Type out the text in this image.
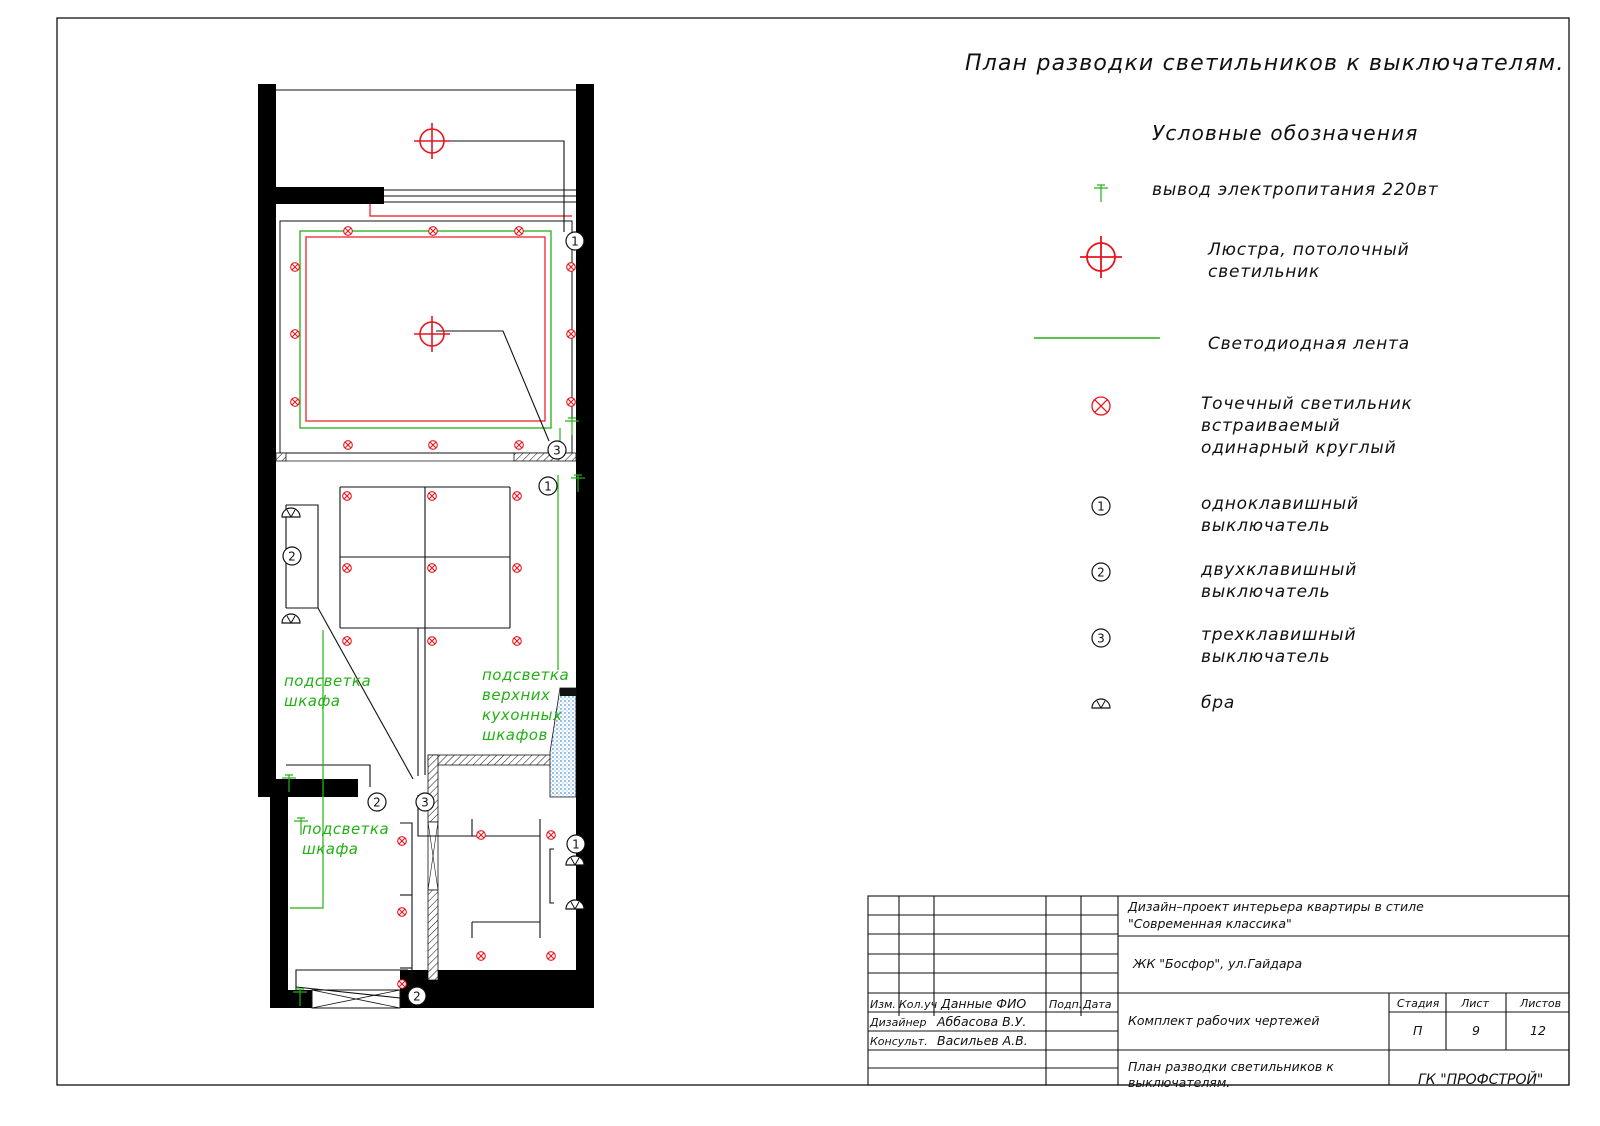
План разводки светильников к выключателям.
1
3
1
2
2	3
1
2
подсветка
шкафа
подсветка
верхних
кухонных
шкафов
подсветка
шкафа
Условные обозначения
вывод электропитания 220вт
Люстра, потолочный
светильник
Светодиодная лента
Точечный светильник
встраиваемый
одинарный круглый
1	одноклавишный
выключатель
2	двухклавишный
выключатель
3	трехклавишный
выключатель
бра
Дизайн–проект интерьера квартиры в стиле
"Современная классика"
ЖК "Босфор", ул.Гайдара
Изм. Кол.уч Данные ФИО Подп. Дата
Дизайнер Аббасова В.У.
Консульт. Васильев А.В.
Комплект рабочих чертежей
Стадия Лист	Листов
П	9	12
План разводки светильников к
выключателям.	ГК "ПРОФСТРОЙ"
